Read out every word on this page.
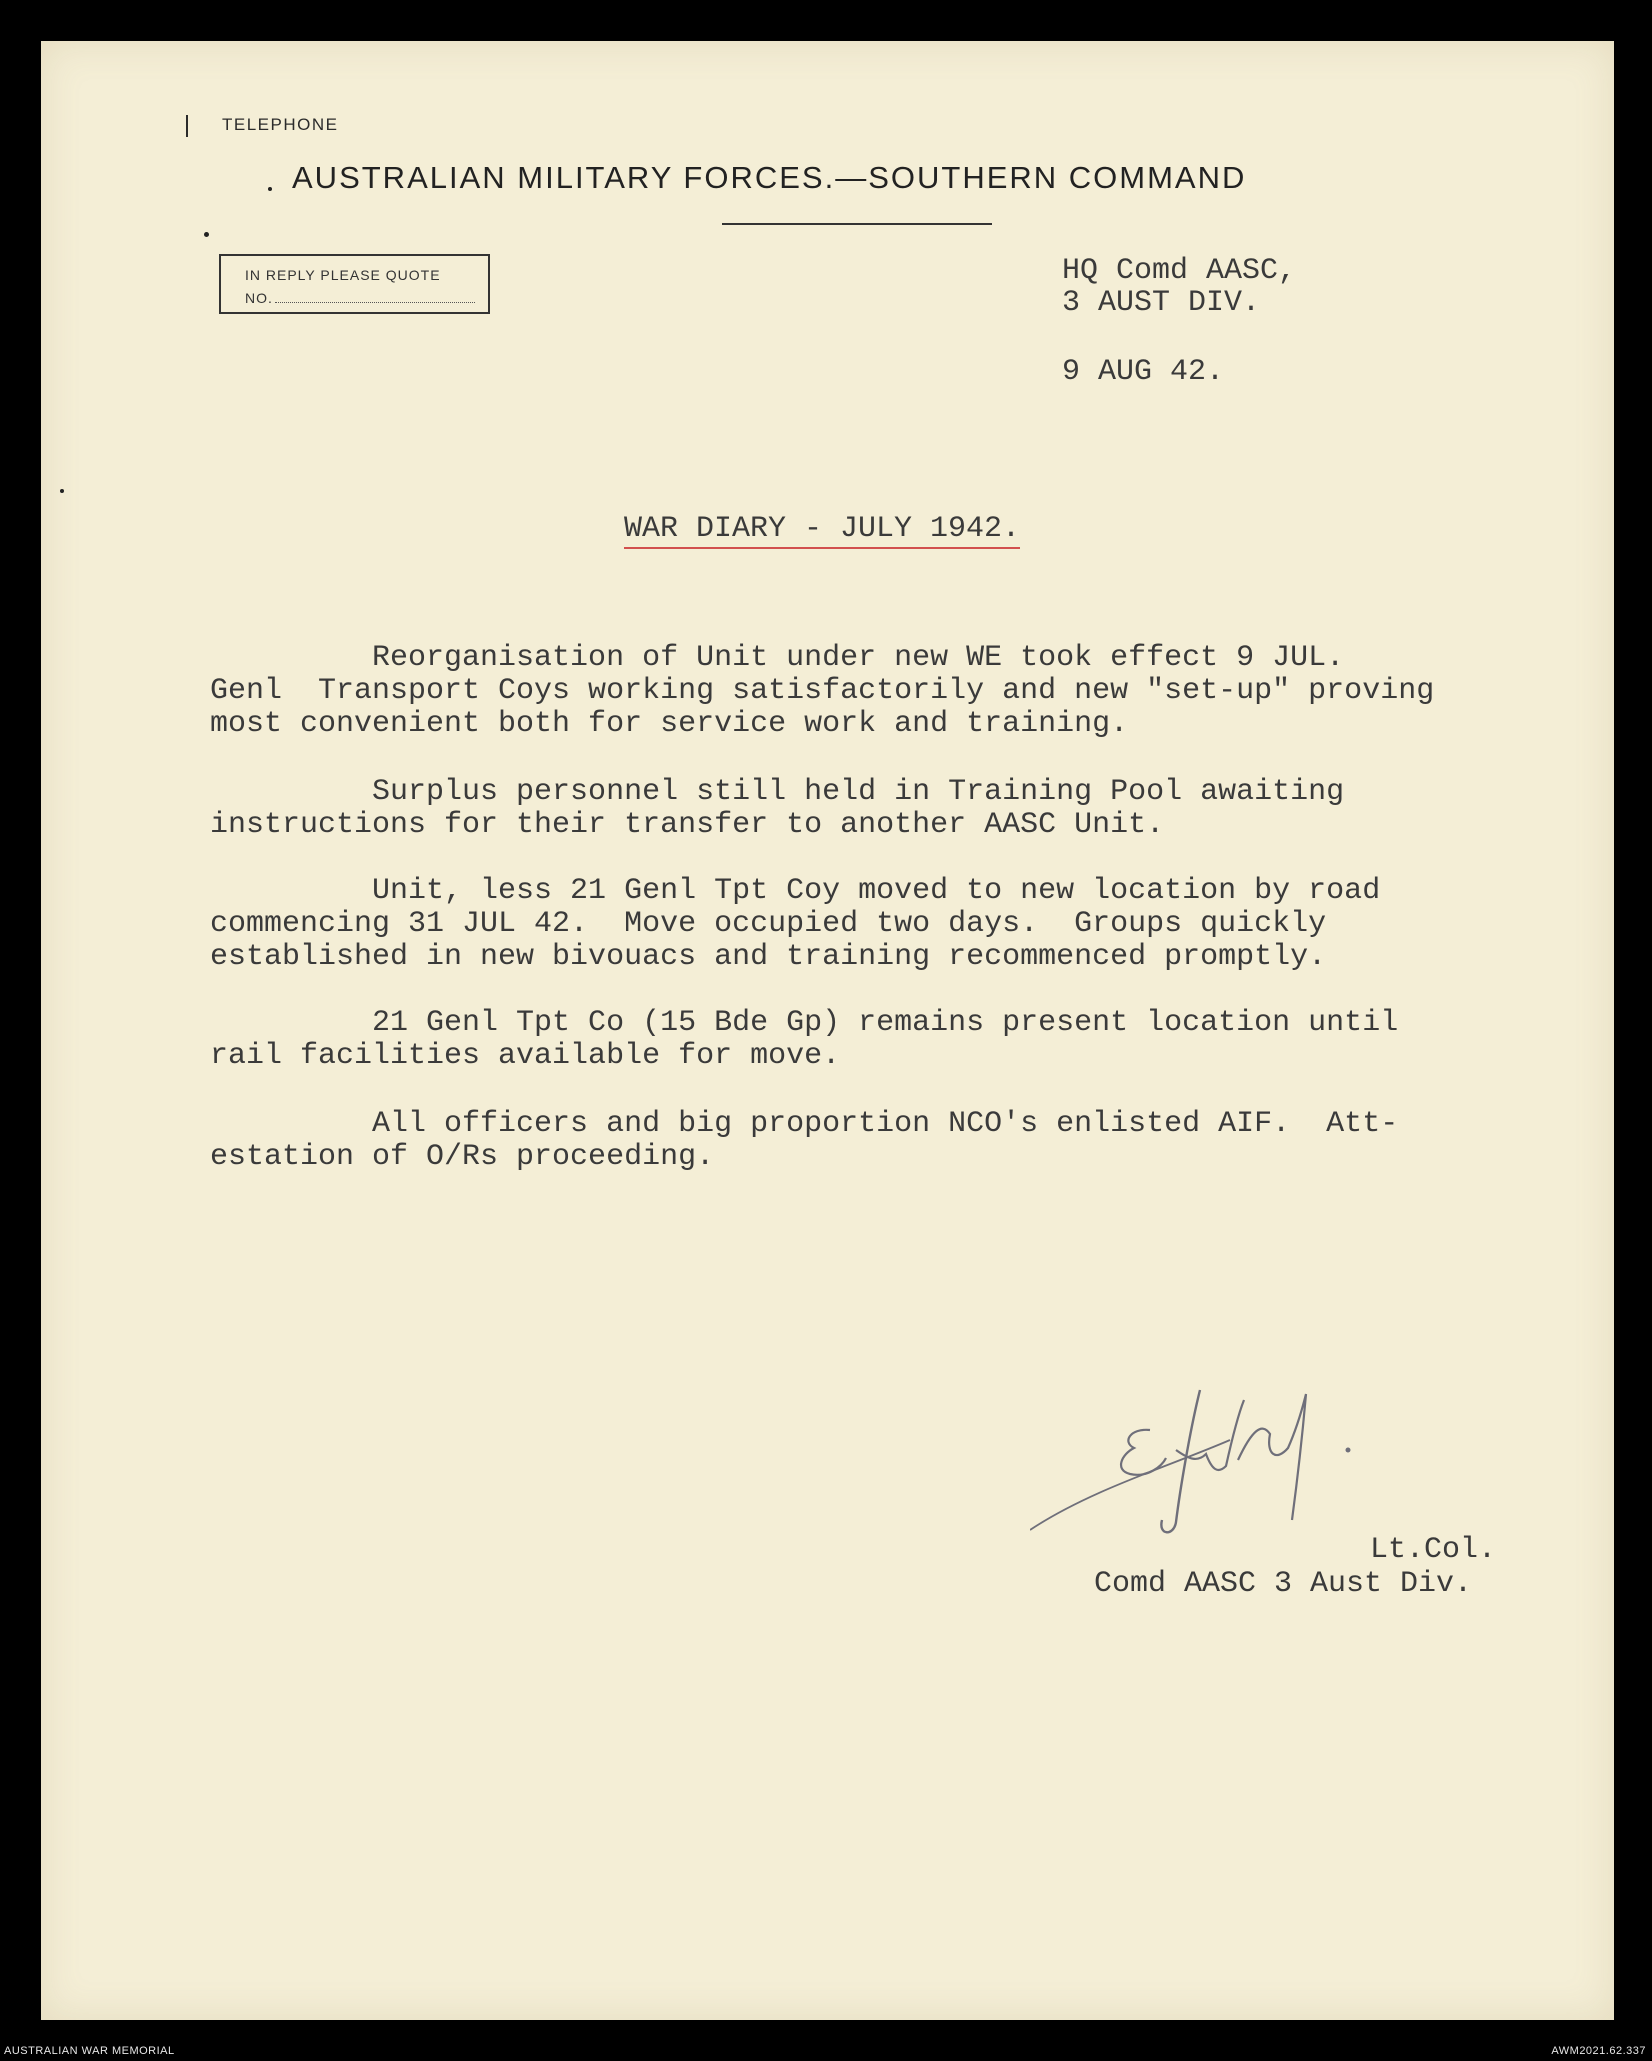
TELEPHONE
AUSTRALIAN MILITARY FORCES.—SOUTHERN COMMAND
IN REPLY PLEASE QUOTE
NO.
HQ Comd AASC,
3 AUST DIV.
9 AUG 42.
WAR DIARY - JULY 1942.
Reorganisation of Unit under new WE took effect 9 JUL.
Genl  Transport Coys working satisfactorily and new "set-up" proving
most convenient both for service work and training.
Surplus personnel still held in Training Pool awaiting
instructions for their transfer to another AASC Unit.
Unit, less 21 Genl Tpt Coy moved to new location by road
commencing 31 JUL 42.  Move occupied two days.  Groups quickly
established in new bivouacs and training recommenced promptly.
21 Genl Tpt Co (15 Bde Gp) remains present location until
rail facilities available for move.
All officers and big proportion NCO's enlisted AIF.  Att-
estation of O/Rs proceeding.
Lt.Col.
Comd AASC 3 Aust Div.
AUSTRALIAN WAR MEMORIAL	AWM2021.62.337
